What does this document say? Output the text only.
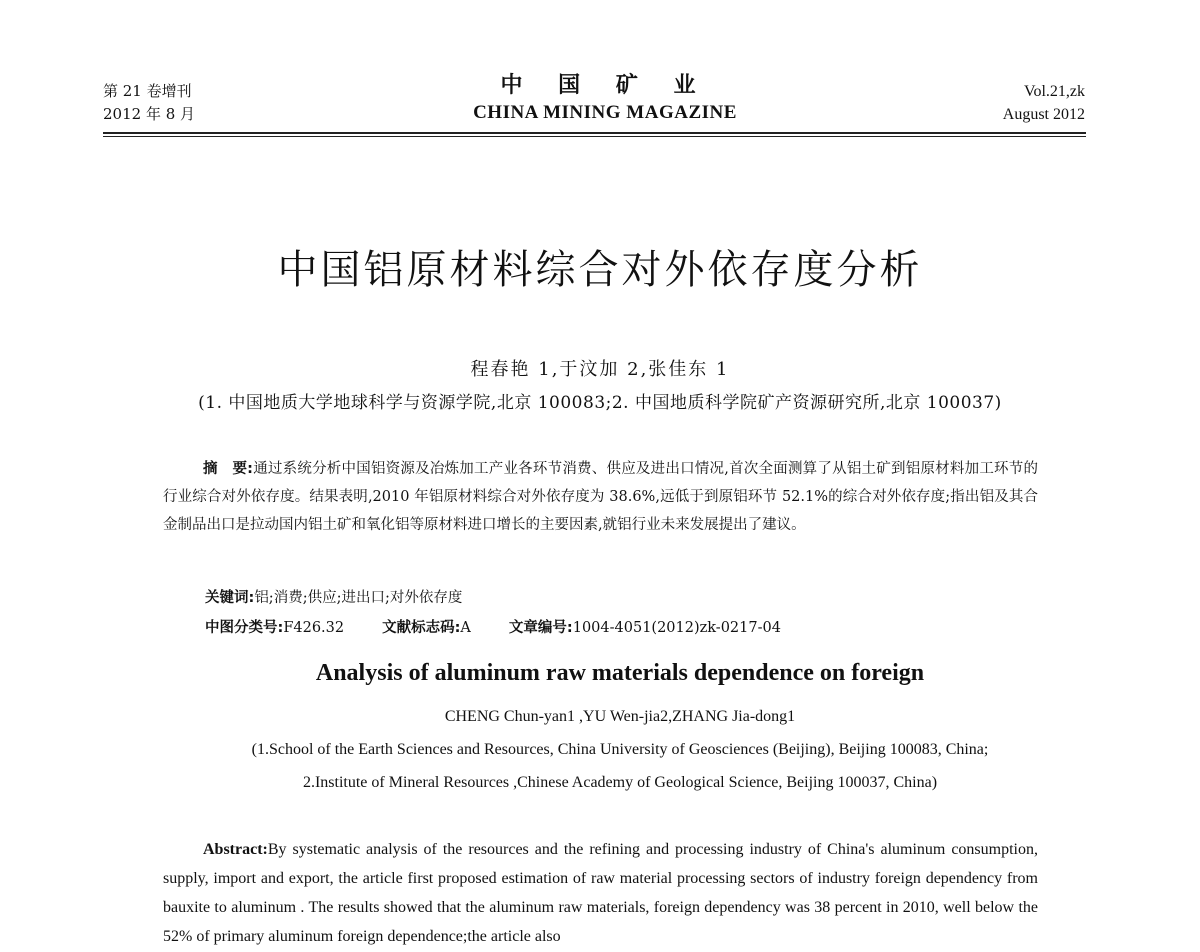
第 21 卷增刊
2012 年 8 月
中 国 矿 业
CHINA MINING MAGAZINE
Vol.21,zk
August 2012
中国铝原材料综合对外依存度分析
程春艳 1,于汶加 2,张佳东 1
(1. 中国地质大学地球科学与资源学院,北京 100083;2. 中国地质科学院矿产资源研究所,北京 100037)
摘　要:通过系统分析中国铝资源及冶炼加工产业各环节消费、供应及进出口情况,首次全面测算了从铝土矿到铝原材料加工环节的行业综合对外依存度。结果表明,2010 年铝原材料综合对外依存度为 38.6%,远低于到原铝环节 52.1%的综合对外依存度;指出铝及其合金制品出口是拉动国内铝土矿和氧化铝等原材料进口增长的主要因素,就铝行业未来发展提出了建议。
关键词:铝;消费;供应;进出口;对外依存度
中图分类号:F426.32	文献标志码:A	文章编号:1004-4051(2012)zk-0217-04
Analysis of aluminum raw materials dependence on foreign
CHENG Chun-yan1 ,YU Wen-jia2,ZHANG Jia-dong1
(1.School of the Earth Sciences and Resources, China University of Geosciences (Beijing), Beijing 100083, China;
2.Institute of Mineral Resources ,Chinese Academy of Geological Science, Beijing 100037, China)
Abstract:By systematic analysis of the resources and the refining and processing industry of China's aluminum consumption, supply, import and export, the article first proposed estimation of raw material processing sectors of industry foreign dependency from bauxite to aluminum . The results showed that the aluminum raw materials, foreign dependency was 38 percent in 2010, well below the 52% of primary aluminum foreign dependence;the article also
